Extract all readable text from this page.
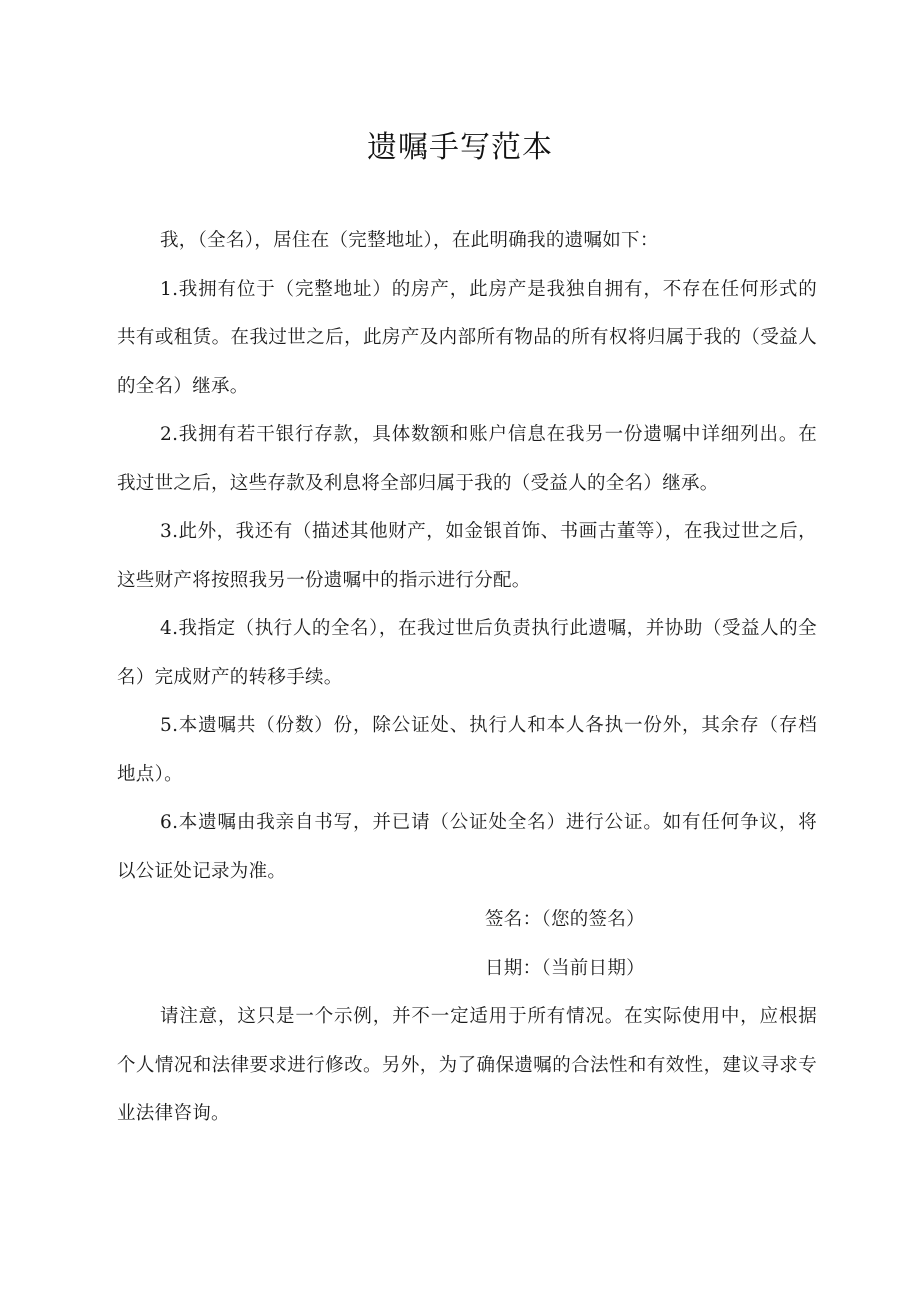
遗嘱手写范本

我，（全名），居住在（完整地址），在此明确我的遗嘱如下：

1.我拥有位于（完整地址）的房产，此房产是我独自拥有，不存在任何形式的共有或租赁。在我过世之后，此房产及内部所有物品的所有权将归属于我的（受益人的全名）继承。

2.我拥有若干银行存款，具体数额和账户信息在我另一份遗嘱中详细列出。在我过世之后，这些存款及利息将全部归属于我的（受益人的全名）继承。

3.此外，我还有（描述其他财产，如金银首饰、书画古董等），在我过世之后，这些财产将按照我另一份遗嘱中的指示进行分配。

4.我指定（执行人的全名），在我过世后负责执行此遗嘱，并协助（受益人的全名）完成财产的转移手续。

5.本遗嘱共（份数）份，除公证处、执行人和本人各执一份外，其余存（存档地点）。

6.本遗嘱由我亲自书写，并已请（公证处全名）进行公证。如有任何争议，将以公证处记录为准。

签名：（您的签名）

日期：（当前日期）

请注意，这只是一个示例，并不一定适用于所有情况。在实际使用中，应根据个人情况和法律要求进行修改。另外，为了确保遗嘱的合法性和有效性，建议寻求专业法律咨询。
